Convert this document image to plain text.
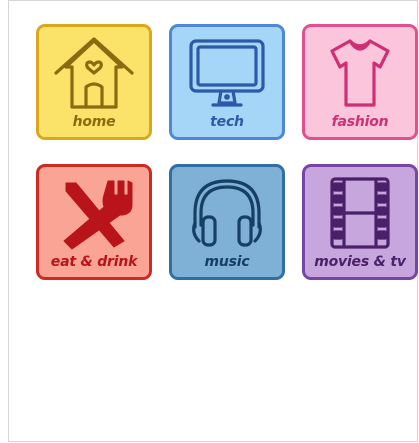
home	tech	fashion
eat & drink	music	movies & tv
